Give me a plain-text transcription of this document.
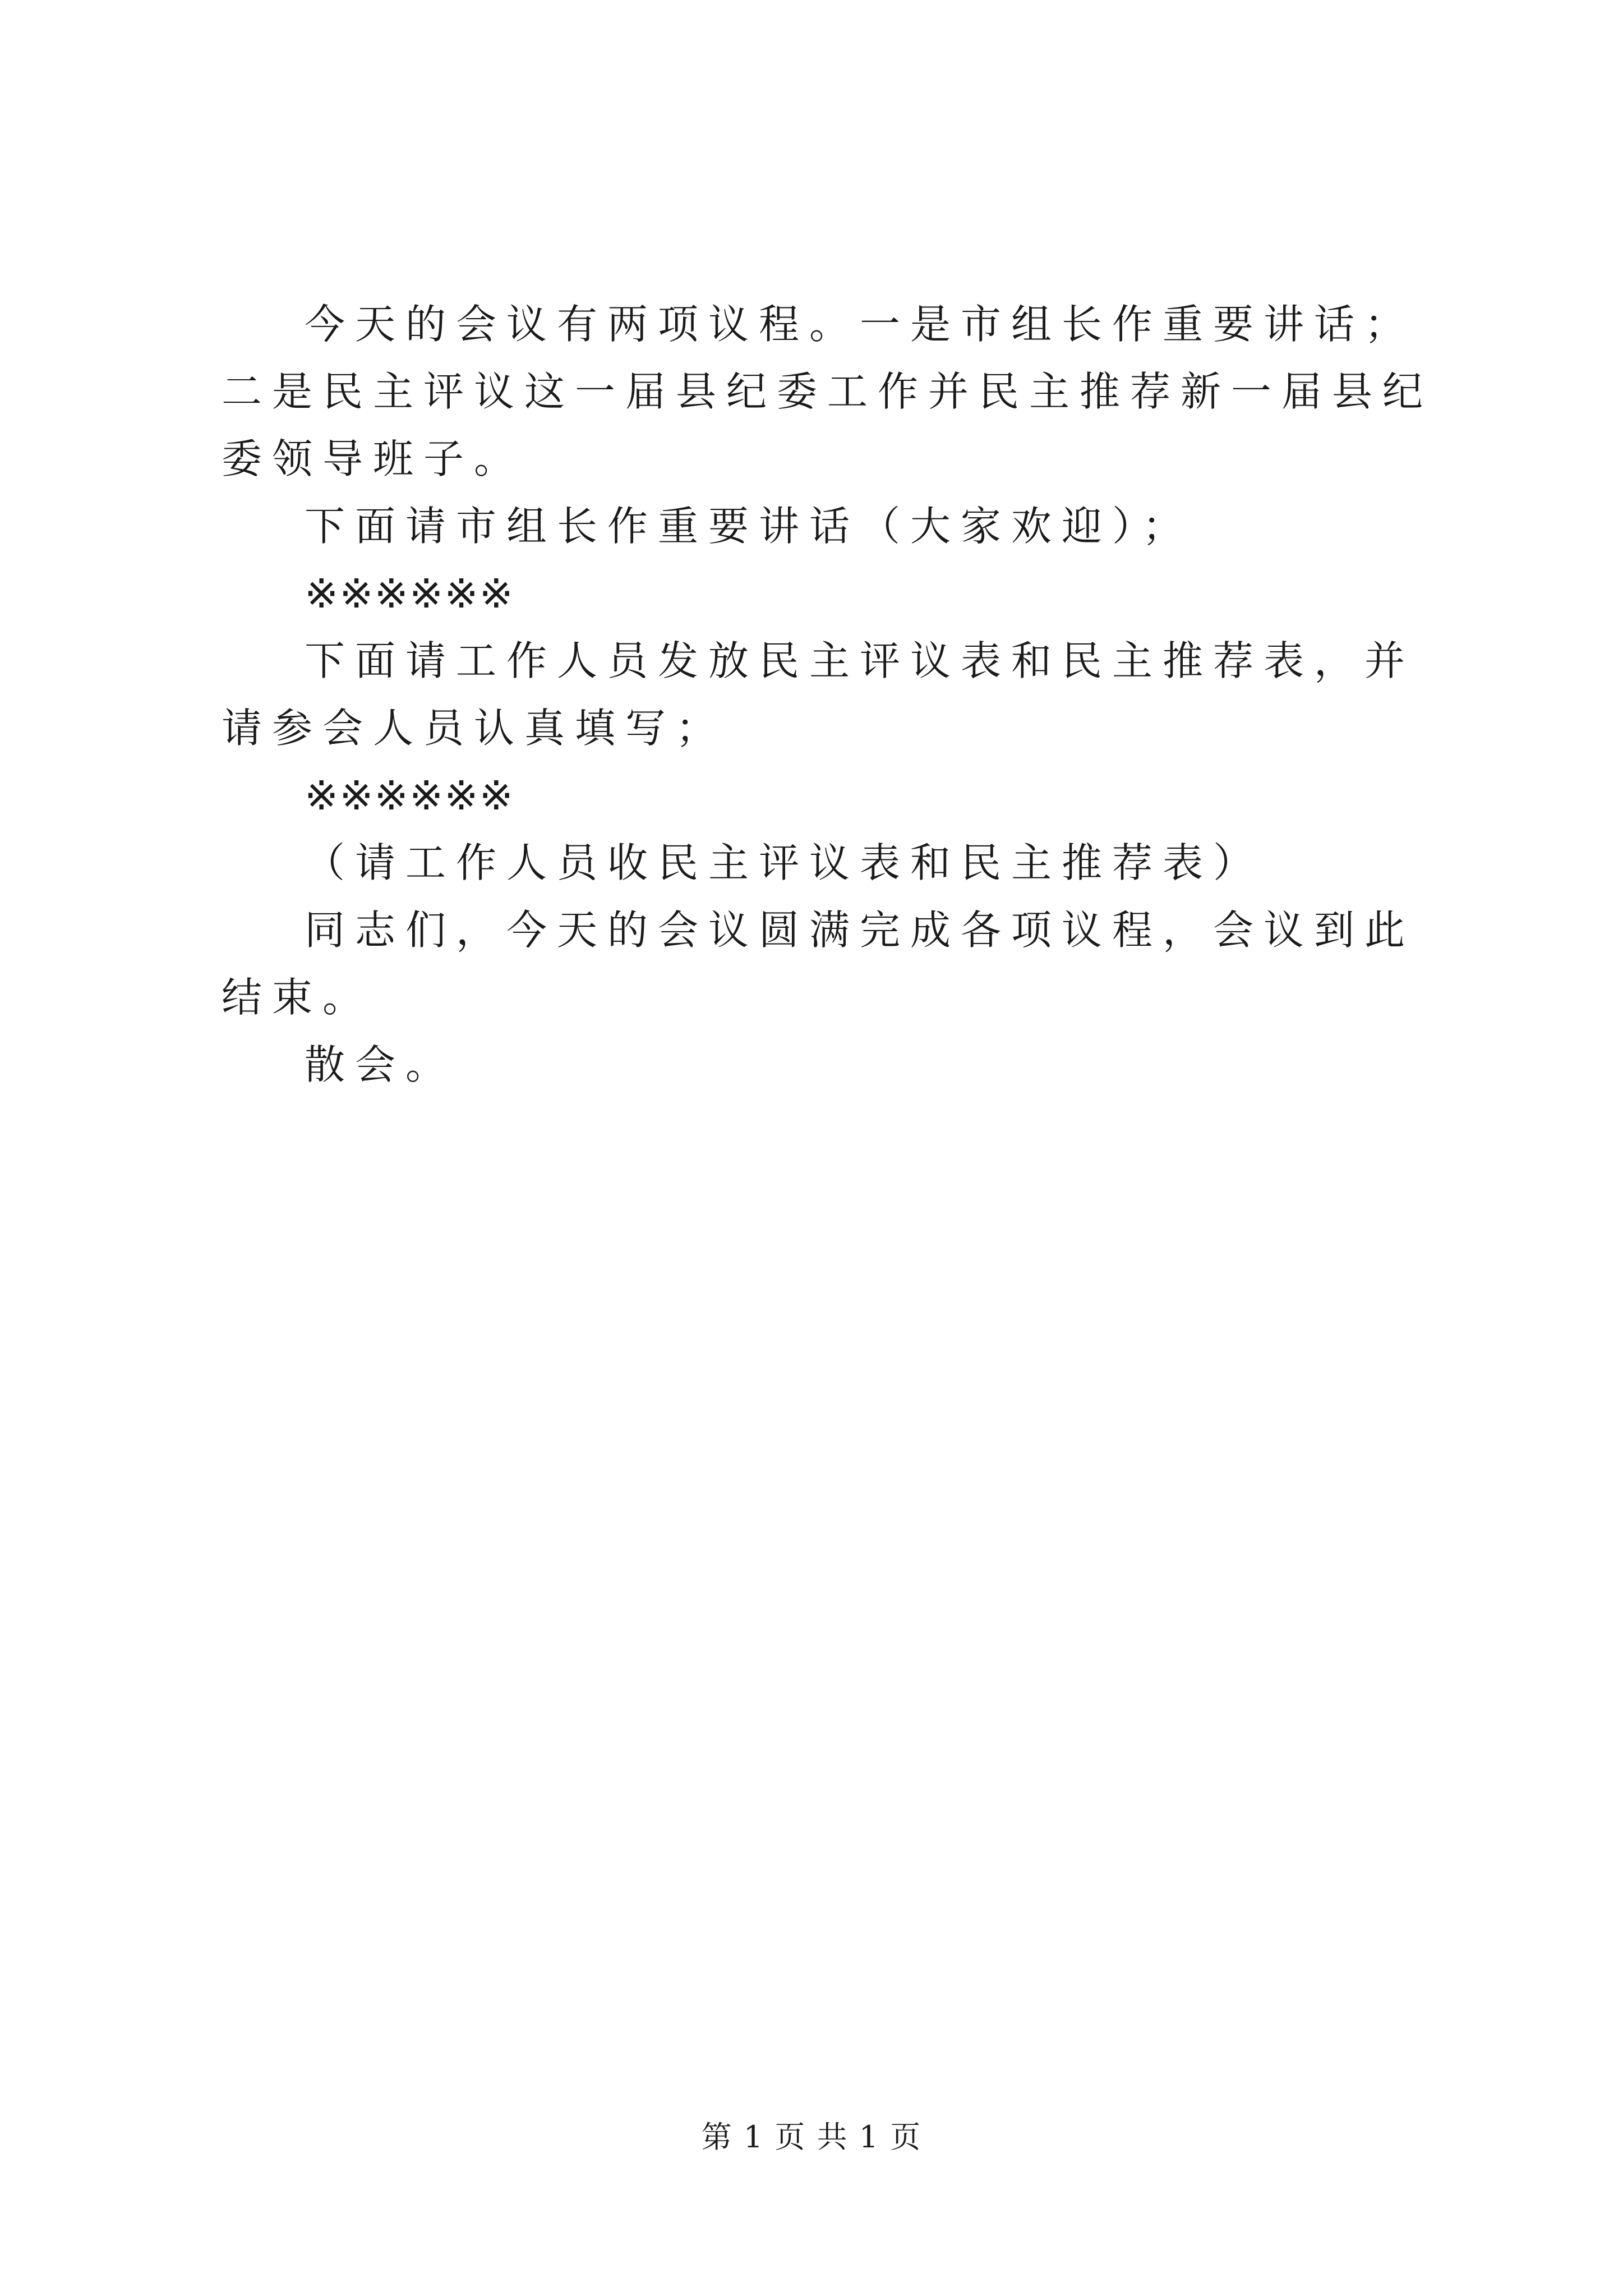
今天的会议有两项议程。一是市组长作重要讲话；二是民主评议这一届县纪委工作并民主推荐新一届县纪委领导班子。

下面请市组长作重要讲话（大家欢迎）；

※※※※※※

下面请工作人员发放民主评议表和民主推荐表，并请参会人员认真填写；

※※※※※※

（请工作人员收民主评议表和民主推荐表）

同志们，今天的会议圆满完成各项议程，会议到此结束。

散会。

第 1 页 共 1 页
